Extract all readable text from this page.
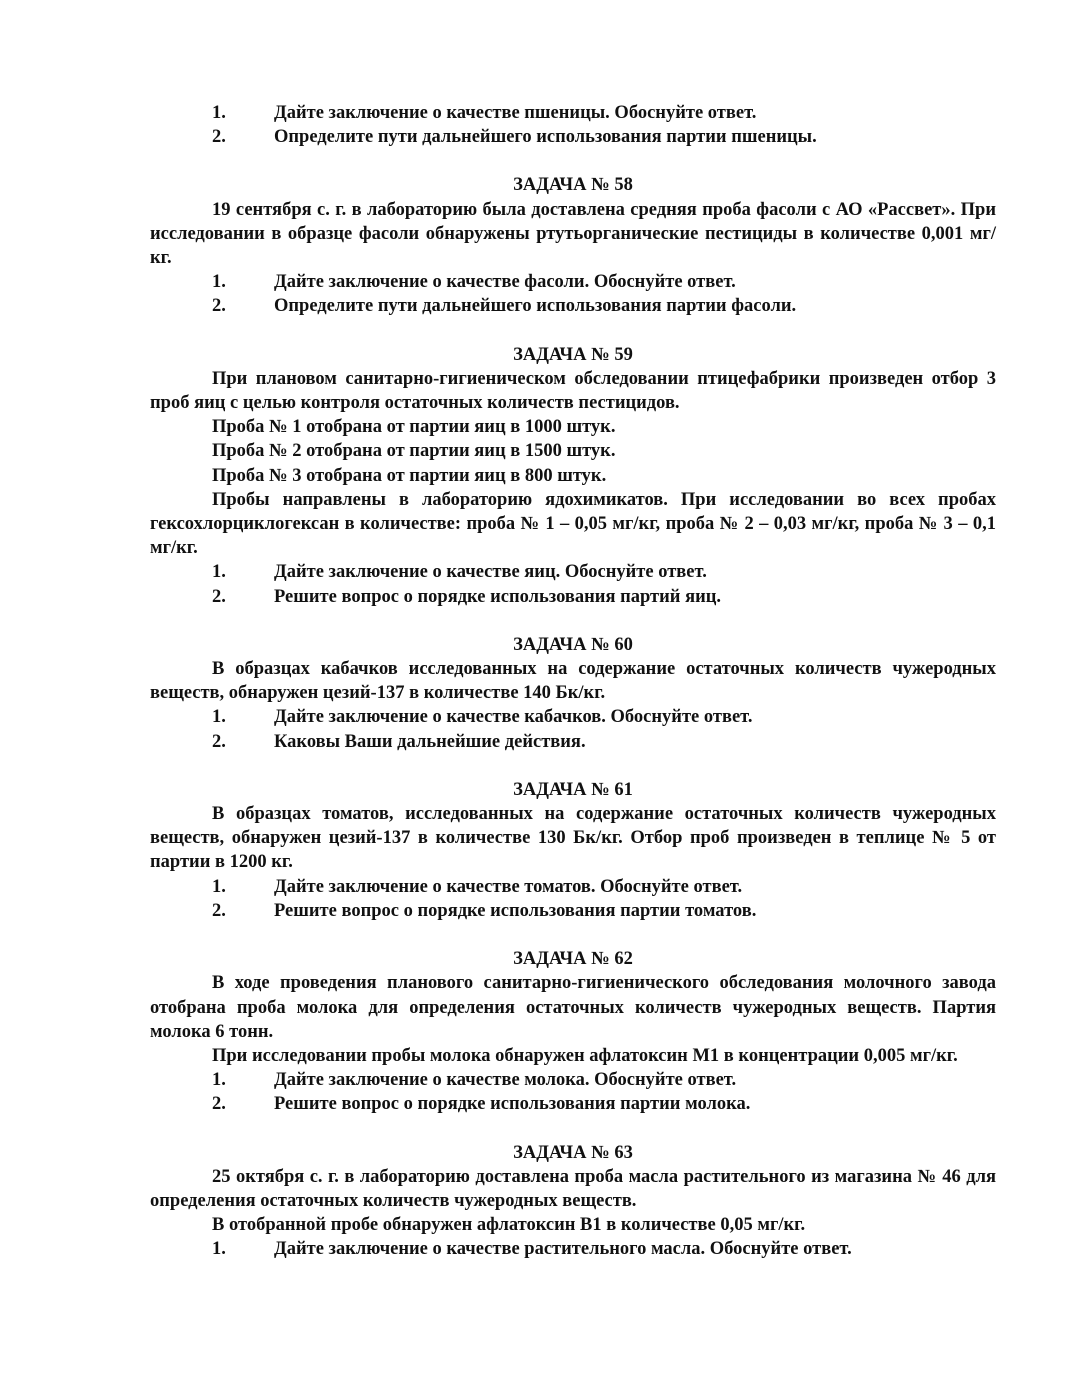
1.	Дайте заключение о качестве пшеницы. Обоснуйте ответ.
2.	Определите пути дальнейшего использования партии пшеницы.
ЗАДАЧА № 58

19 сентября с. г. в лабораторию была доставлена средняя проба фасоли с АО «Рассвет». При исследовании в образце фасоли обнаружены ртутьорганические пестициды в количестве 0,001 мг/кг.

1.	Дайте заключение о качестве фасоли. Обоснуйте ответ.
2.	Определите пути дальнейшего использования партии фасоли.
ЗАДАЧА № 59

При плановом санитарно-гигиеническом обследовании птицефабрики произведен отбор 3 проб яиц с целью контроля остаточных количеств пестицидов.

Проба № 1 отобрана от партии яиц в 1000 штук.

Проба № 2 отобрана от партии яиц в 1500 штук.

Проба № 3 отобрана от партии яиц в 800 штук.

Пробы направлены в лабораторию ядохимикатов. При исследовании во всех пробах гексохлорциклогексан в количестве: проба № 1 – 0,05 мг/кг, проба № 2 – 0,03 мг/кг, проба № 3 – 0,1 мг/кг.

1.	Дайте заключение о качестве яиц. Обоснуйте ответ.
2.	Решите вопрос о порядке использования партий яиц.
ЗАДАЧА № 60

В образцах кабачков исследованных на содержание остаточных количеств чужеродных веществ, обнаружен цезий-137 в количестве 140 Бк/кг.

1.	Дайте заключение о качестве кабачков. Обоснуйте ответ.
2.	Каковы Ваши дальнейшие действия.
ЗАДАЧА № 61

В образцах томатов, исследованных на содержание остаточных количеств чужеродных веществ, обнаружен цезий-137 в количестве 130 Бк/кг. Отбор проб произведен в теплице № 5 от партии в 1200 кг.

1.	Дайте заключение о качестве томатов. Обоснуйте ответ.
2.	Решите вопрос о порядке использования партии томатов.
ЗАДАЧА № 62

В ходе проведения планового санитарно-гигиенического обследования молочного завода отобрана проба молока для определения остаточных количеств чужеродных веществ. Партия молока 6 тонн.

При исследовании пробы молока обнаружен афлатоксин М1 в концентрации 0,005 мг/кг.

1.	Дайте заключение о качестве молока. Обоснуйте ответ.
2.	Решите вопрос о порядке использования партии молока.
ЗАДАЧА № 63

25 октября с. г. в лабораторию доставлена проба масла растительного из магазина № 46 для определения остаточных количеств чужеродных веществ.

В отобранной пробе обнаружен афлатоксин В1 в количестве 0,05 мг/кг.

1.	Дайте заключение о качестве растительного масла. Обоснуйте ответ.
